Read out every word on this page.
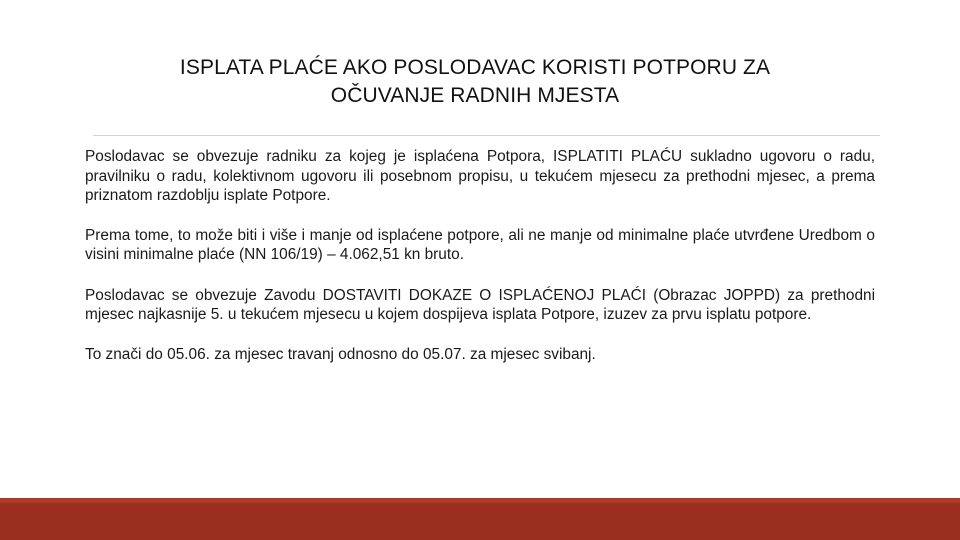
ISPLATA PLAĆE AKO POSLODAVAC KORISTI POTPORU ZA
OČUVANJE RADNIH MJESTA

Poslodavac se obvezuje radniku za kojeg je isplaćena Potpora, ISPLATITI PLAĆU sukladno ugovoru o radu, pravilniku o radu, kolektivnom ugovoru ili posebnom propisu, u tekućem mjesecu za prethodni mjesec, a prema priznatom razdoblju isplate Potpore.

Prema tome, to može biti i više i manje od isplaćene potpore, ali ne manje od minimalne plaće utvrđene Uredbom o visini minimalne plaće (NN 106/19) – 4.062,51 kn bruto.

Poslodavac se obvezuje Zavodu DOSTAVITI DOKAZE O ISPLAĆENOJ PLAĆI (Obrazac JOPPD) za prethodni mjesec najkasnije 5. u tekućem mjesecu u kojem dospijeva isplata Potpore, izuzev za prvu isplatu potpore.

To znači do 05.06. za mjesec travanj odnosno do 05.07. za mjesec svibanj.
